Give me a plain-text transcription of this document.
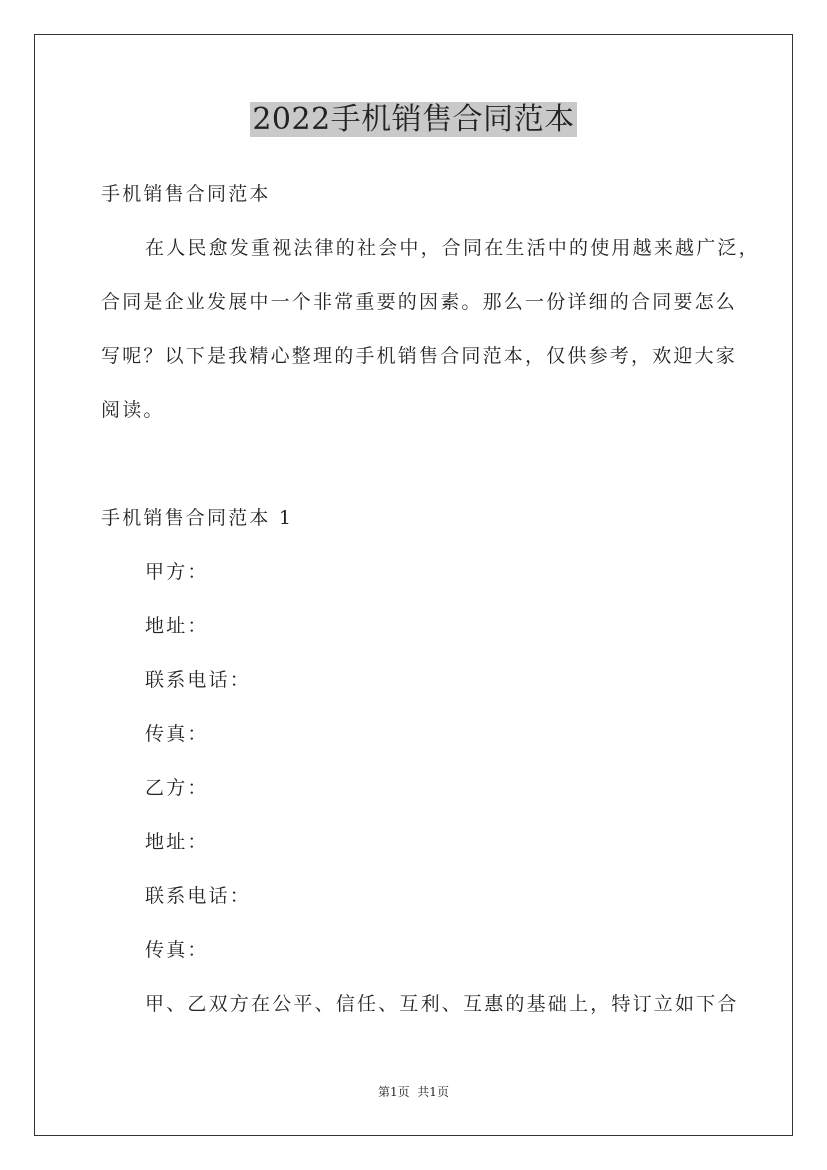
2022手机销售合同范本
手机销售合同范本
在人民愈发重视法律的社会中，合同在生活中的使用越来越广泛，
合同是企业发展中一个非常重要的因素。那么一份详细的合同要怎么
写呢？以下是我精心整理的手机销售合同范本，仅供参考，欢迎大家
阅读。
手机销售合同范本 1
甲方：
地址：
联系电话：
传真：
乙方：
地址：
联系电话：
传真：
甲、乙双方在公平、信任、互利、互惠的基础上，特订立如下合
第1页  共1页
